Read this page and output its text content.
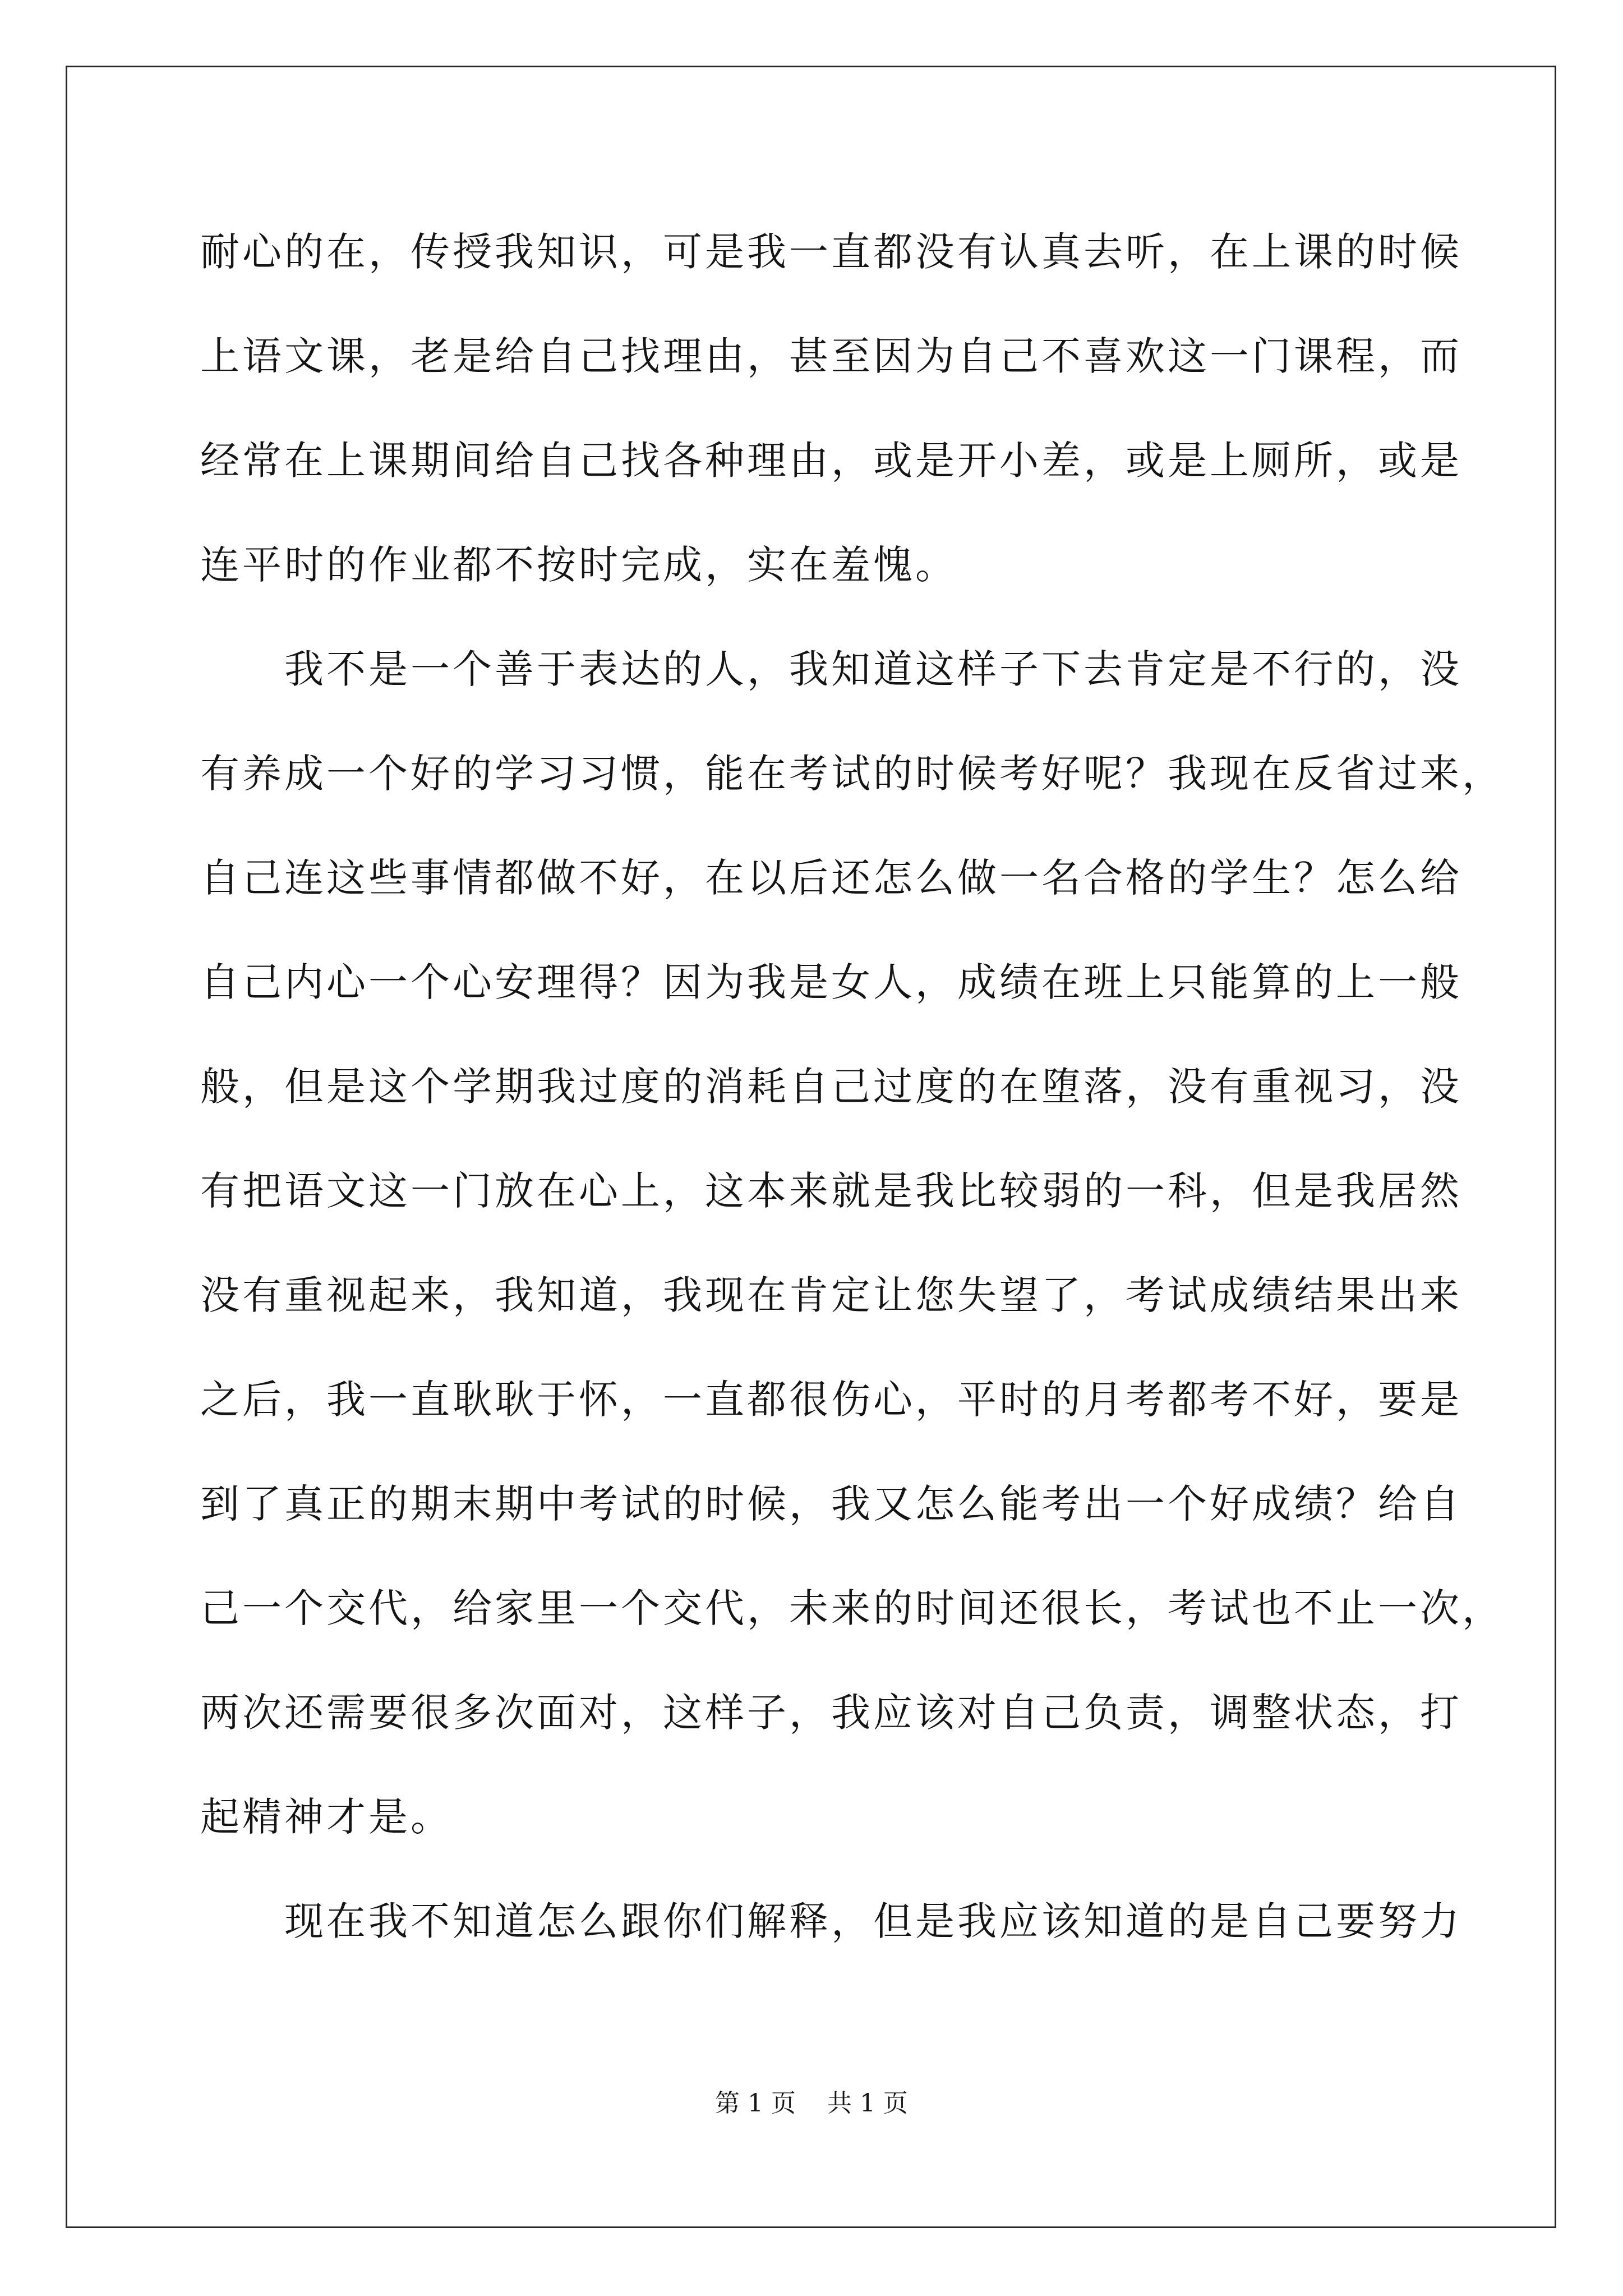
耐心的在，传授我知识，可是我一直都没有认真去听，在上课的时候
上语文课，老是给自己找理由，甚至因为自己不喜欢这一门课程，而
经常在上课期间给自己找各种理由，或是开小差，或是上厕所，或是
连平时的作业都不按时完成，实在羞愧。
我不是一个善于表达的人，我知道这样子下去肯定是不行的，没
有养成一个好的学习习惯，能在考试的时候考好呢？我现在反省过来，
自己连这些事情都做不好，在以后还怎么做一名合格的学生？怎么给
自己内心一个心安理得？因为我是女人，成绩在班上只能算的上一般
般，但是这个学期我过度的消耗自己过度的在堕落，没有重视习，没
有把语文这一门放在心上，这本来就是我比较弱的一科，但是我居然
没有重视起来，我知道，我现在肯定让您失望了，考试成绩结果出来
之后，我一直耿耿于怀，一直都很伤心，平时的月考都考不好，要是
到了真正的期末期中考试的时候，我又怎么能考出一个好成绩？给自
己一个交代，给家里一个交代，未来的时间还很长，考试也不止一次，
两次还需要很多次面对，这样子，我应该对自己负责，调整状态，打
起精神才是。
现在我不知道怎么跟你们解释，但是我应该知道的是自己要努力
第 1 页    共 1 页
